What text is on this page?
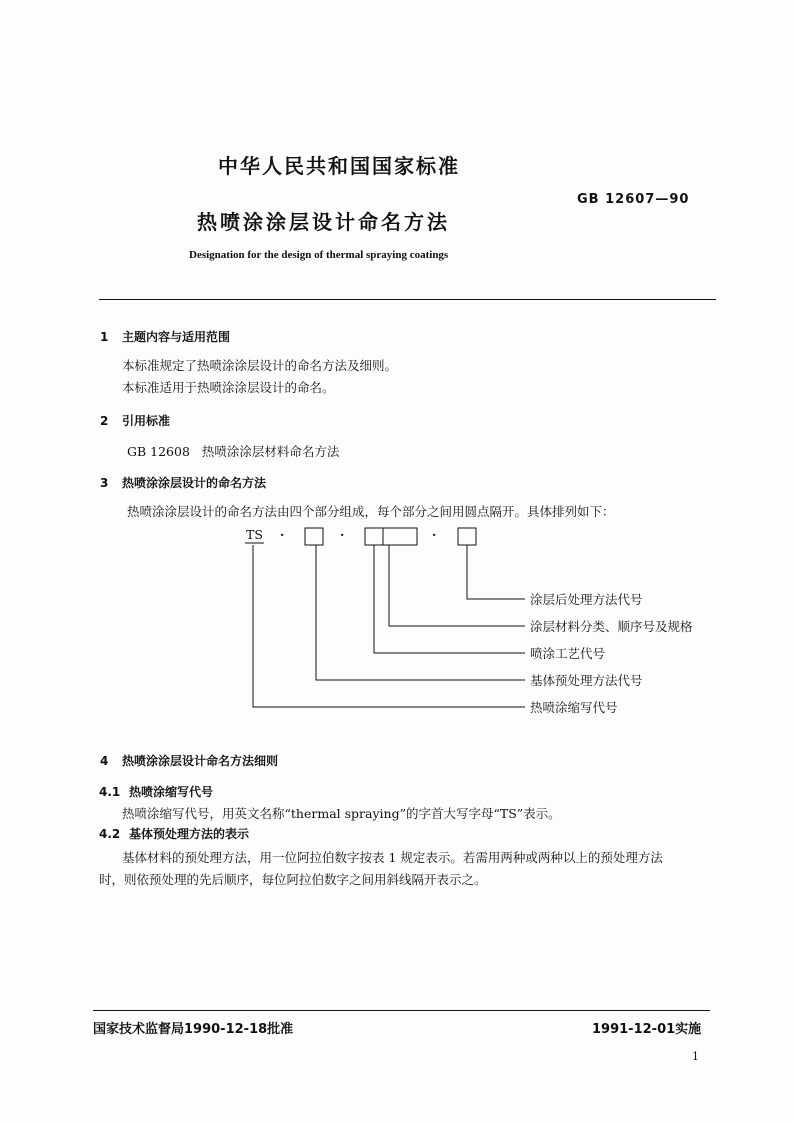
中华人民共和国国家标准
GB 12607—90
热喷涂涂层设计命名方法
Designation for the design of thermal spraying coatings
1 主题内容与适用范围
本标准规定了热喷涂涂层设计的命名方法及细则。
本标准适用于热喷涂涂层设计的命名。
2 引用标准
GB 12608   热喷涂涂层材料命名方法
3 热喷涂涂层设计的命名方法
热喷涂涂层设计的命名方法由四个部分组成，每个部分之间用圆点隔开。具体排列如下：
TS ·	·	·
涂层后处理方法代号
涂层材料分类、顺序号及规格
喷涂工艺代号
基体预处理方法代号
热喷涂缩写代号
4 热喷涂涂层设计命名方法细则
4.1 热喷涂缩写代号
热喷涂缩写代号，用英文名称“thermal spraying”的字首大写字母“TS”表示。
4.2 基体预处理方法的表示
基体材料的预处理方法，用一位阿拉伯数字按表 1 规定表示。若需用两种或两种以上的预处理方法
时，则依预处理的先后顺序，每位阿拉伯数字之间用斜线隔开表示之。
国家技术监督局1990-12-18批准	1991-12-01实施
1
